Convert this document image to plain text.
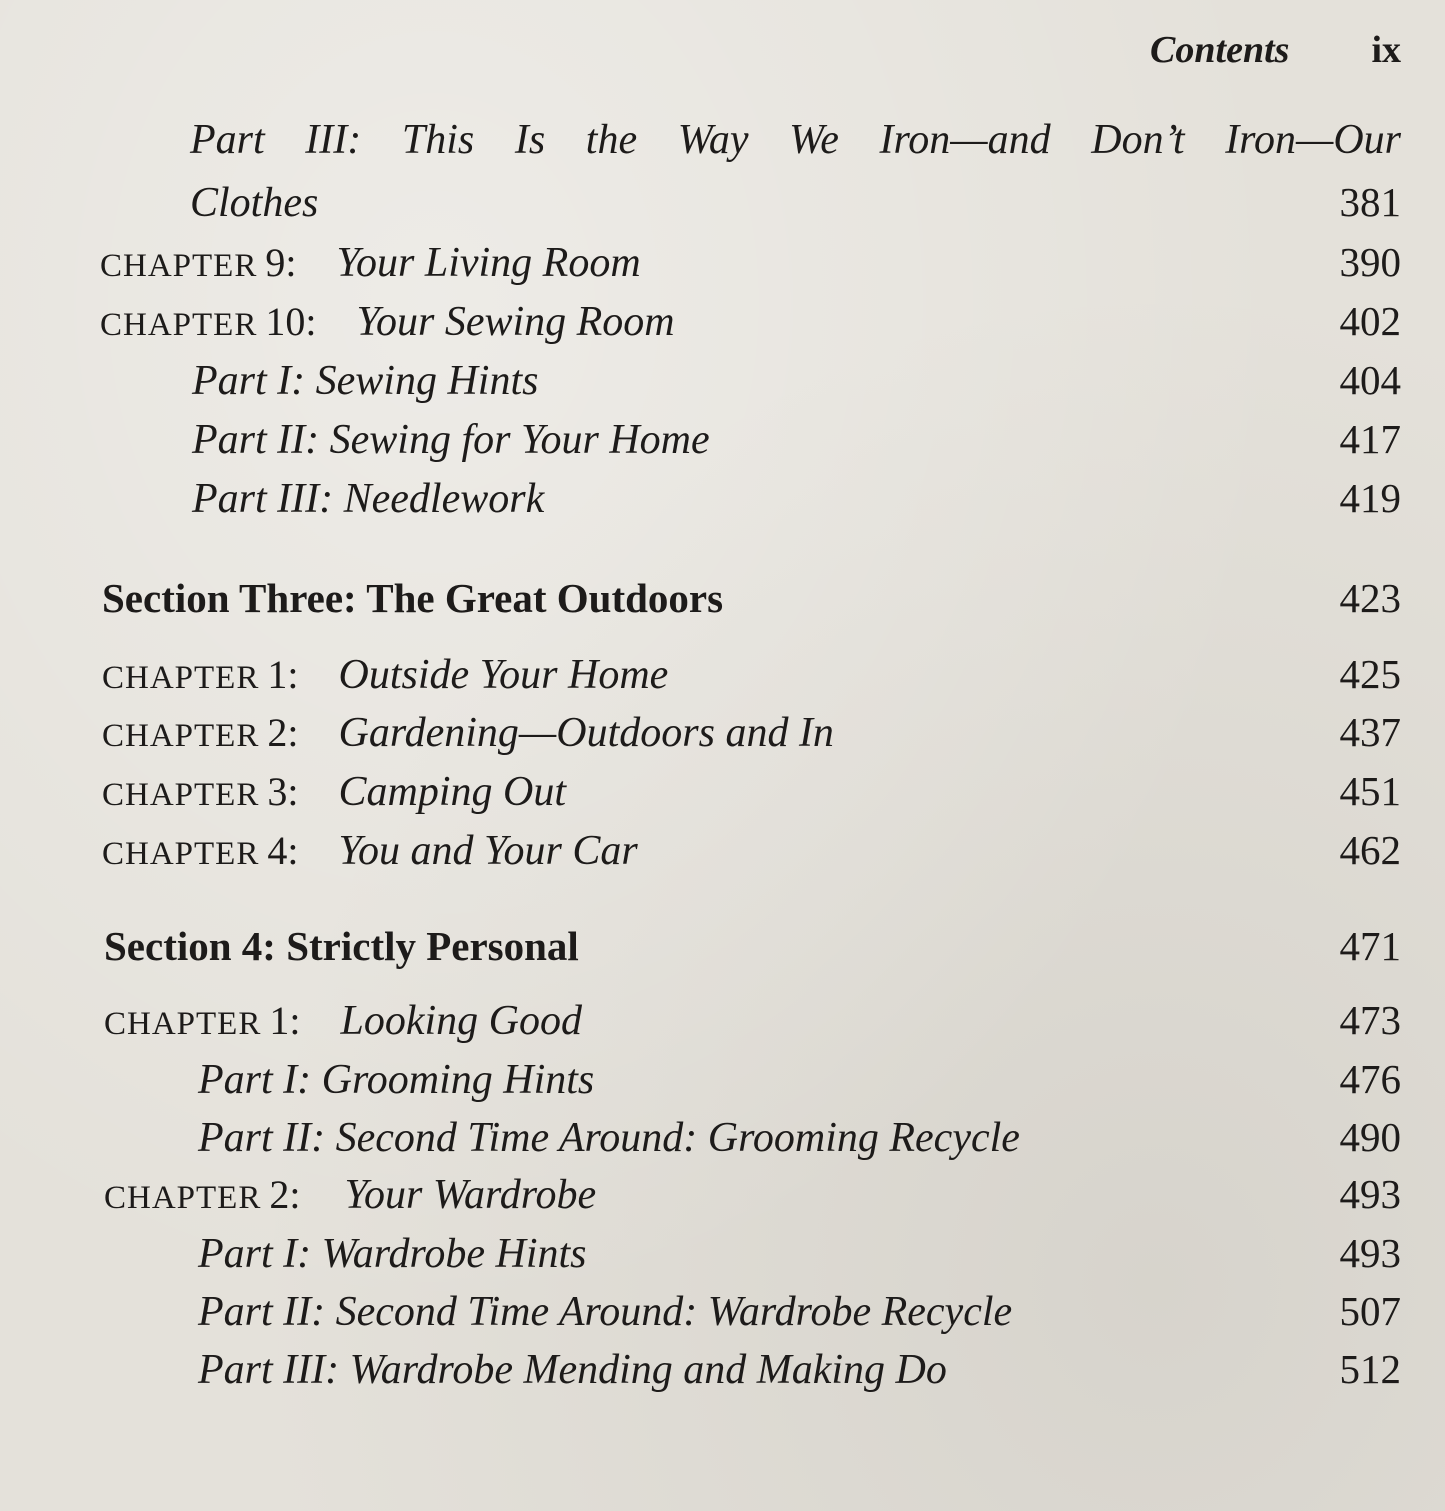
Contents ix
Part III: This Is the Way We Iron—and Don’t Iron—Our
Clothes	381
CHAPTER 9: Your Living Room	390
CHAPTER 10: Your Sewing Room	402
Part I: Sewing Hints	404
Part II: Sewing for Your Home	417
Part III: Needlework	419
Section Three: The Great Outdoors	423
CHAPTER 1: Outside Your Home	425
CHAPTER 2: Gardening—Outdoors and In	437
CHAPTER 3: Camping Out	451
CHAPTER 4: You and Your Car	462
Section 4: Strictly Personal	471
CHAPTER 1: Looking Good	473
Part I: Grooming Hints	476
Part II: Second Time Around: Grooming Recycle	490
CHAPTER 2: Your Wardrobe	493
Part I: Wardrobe Hints	493
Part II: Second Time Around: Wardrobe Recycle	507
Part III: Wardrobe Mending and Making Do	512
